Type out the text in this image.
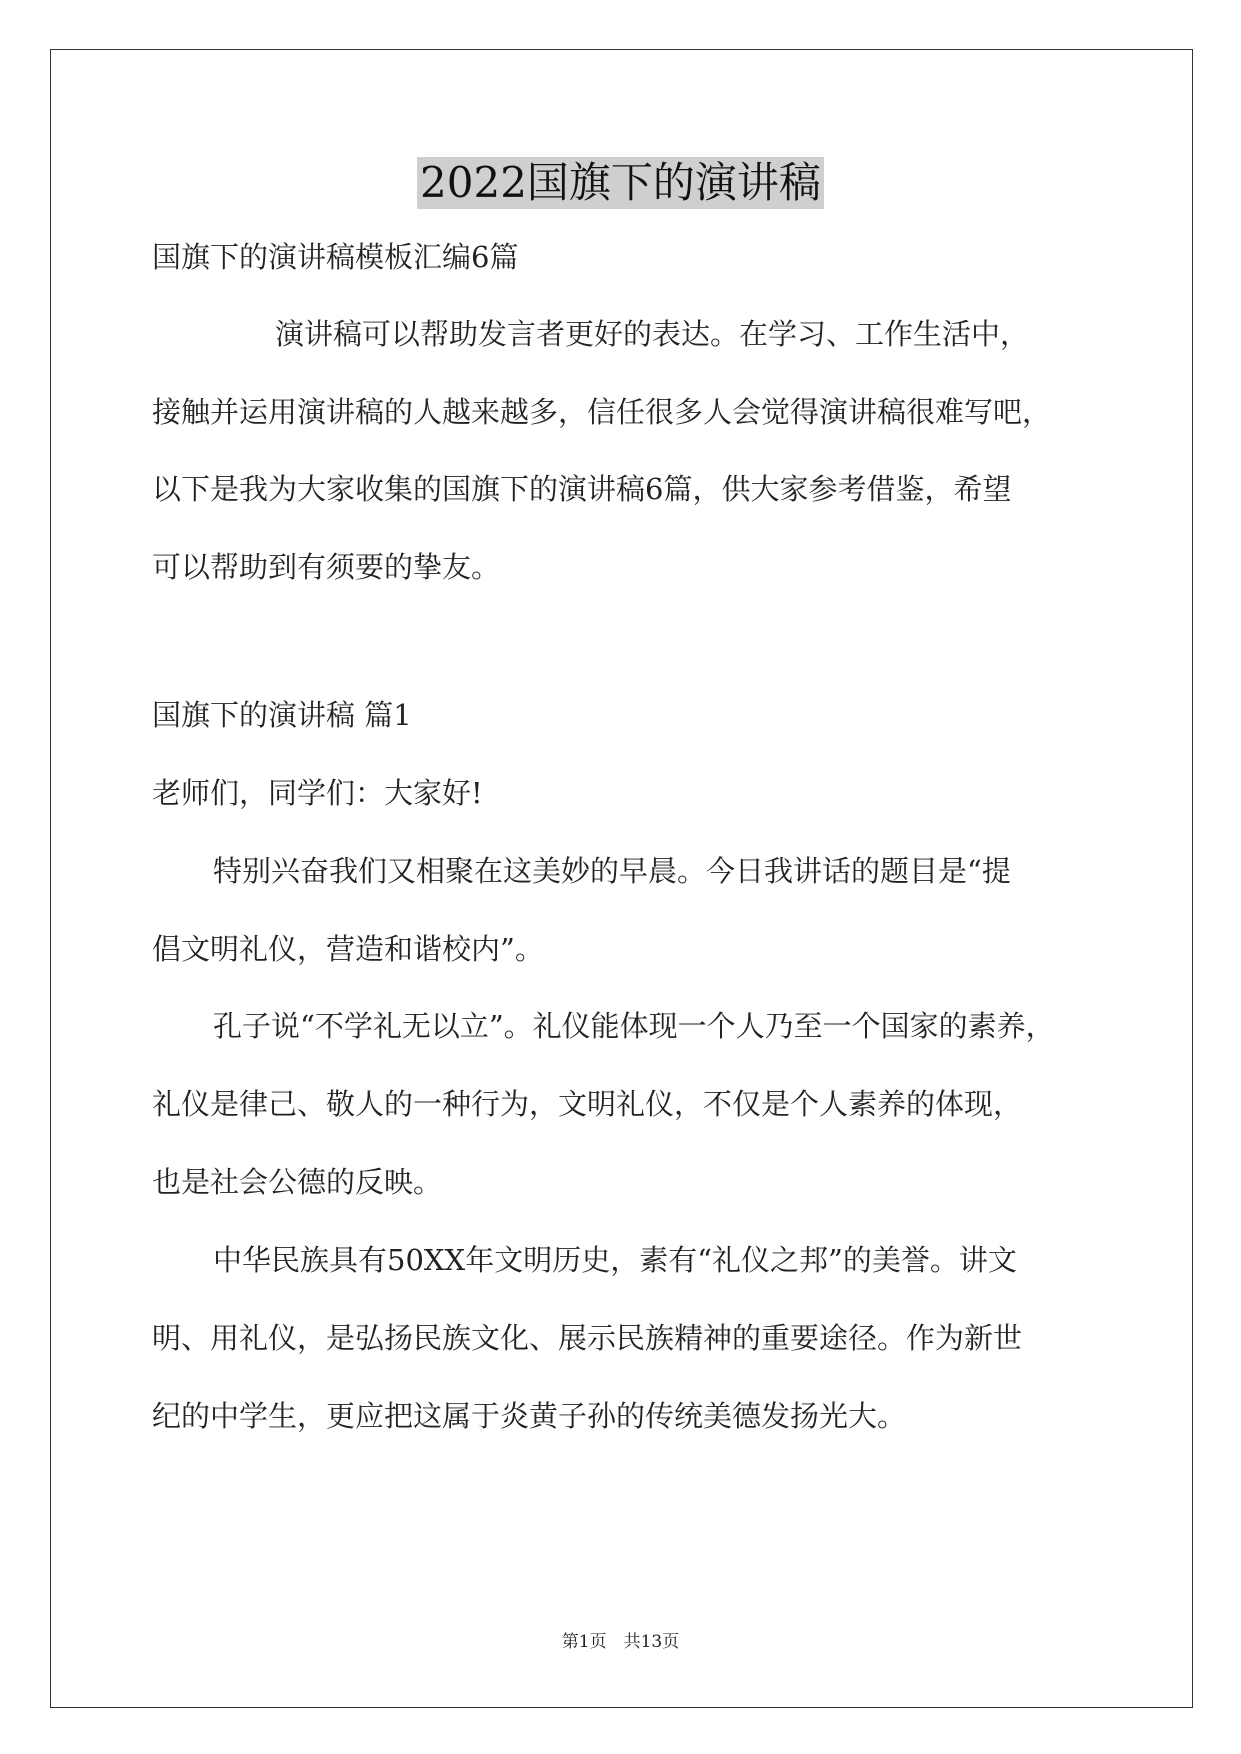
2022国旗下的演讲稿
国旗下的演讲稿模板汇编6篇
演讲稿可以帮助发言者更好的表达。在学习、工作生活中，
接触并运用演讲稿的人越来越多，信任很多人会觉得演讲稿很难写吧，
以下是我为大家收集的国旗下的演讲稿6篇，供大家参考借鉴，希望
可以帮助到有须要的挚友。
国旗下的演讲稿 篇1
老师们，同学们：大家好!
特别兴奋我们又相聚在这美妙的早晨。今日我讲话的题目是“提
倡文明礼仪，营造和谐校内”。
孔子说“不学礼无以立”。礼仪能体现一个人乃至一个国家的素养，
礼仪是律己、敬人的一种行为，文明礼仪，不仅是个人素养的体现，
也是社会公德的反映。
中华民族具有50XX年文明历史，素有“礼仪之邦”的美誉。讲文
明、用礼仪，是弘扬民族文化、展示民族精神的重要途径。作为新世
纪的中学生，更应把这属于炎黄子孙的传统美德发扬光大。
第1页　共13页
